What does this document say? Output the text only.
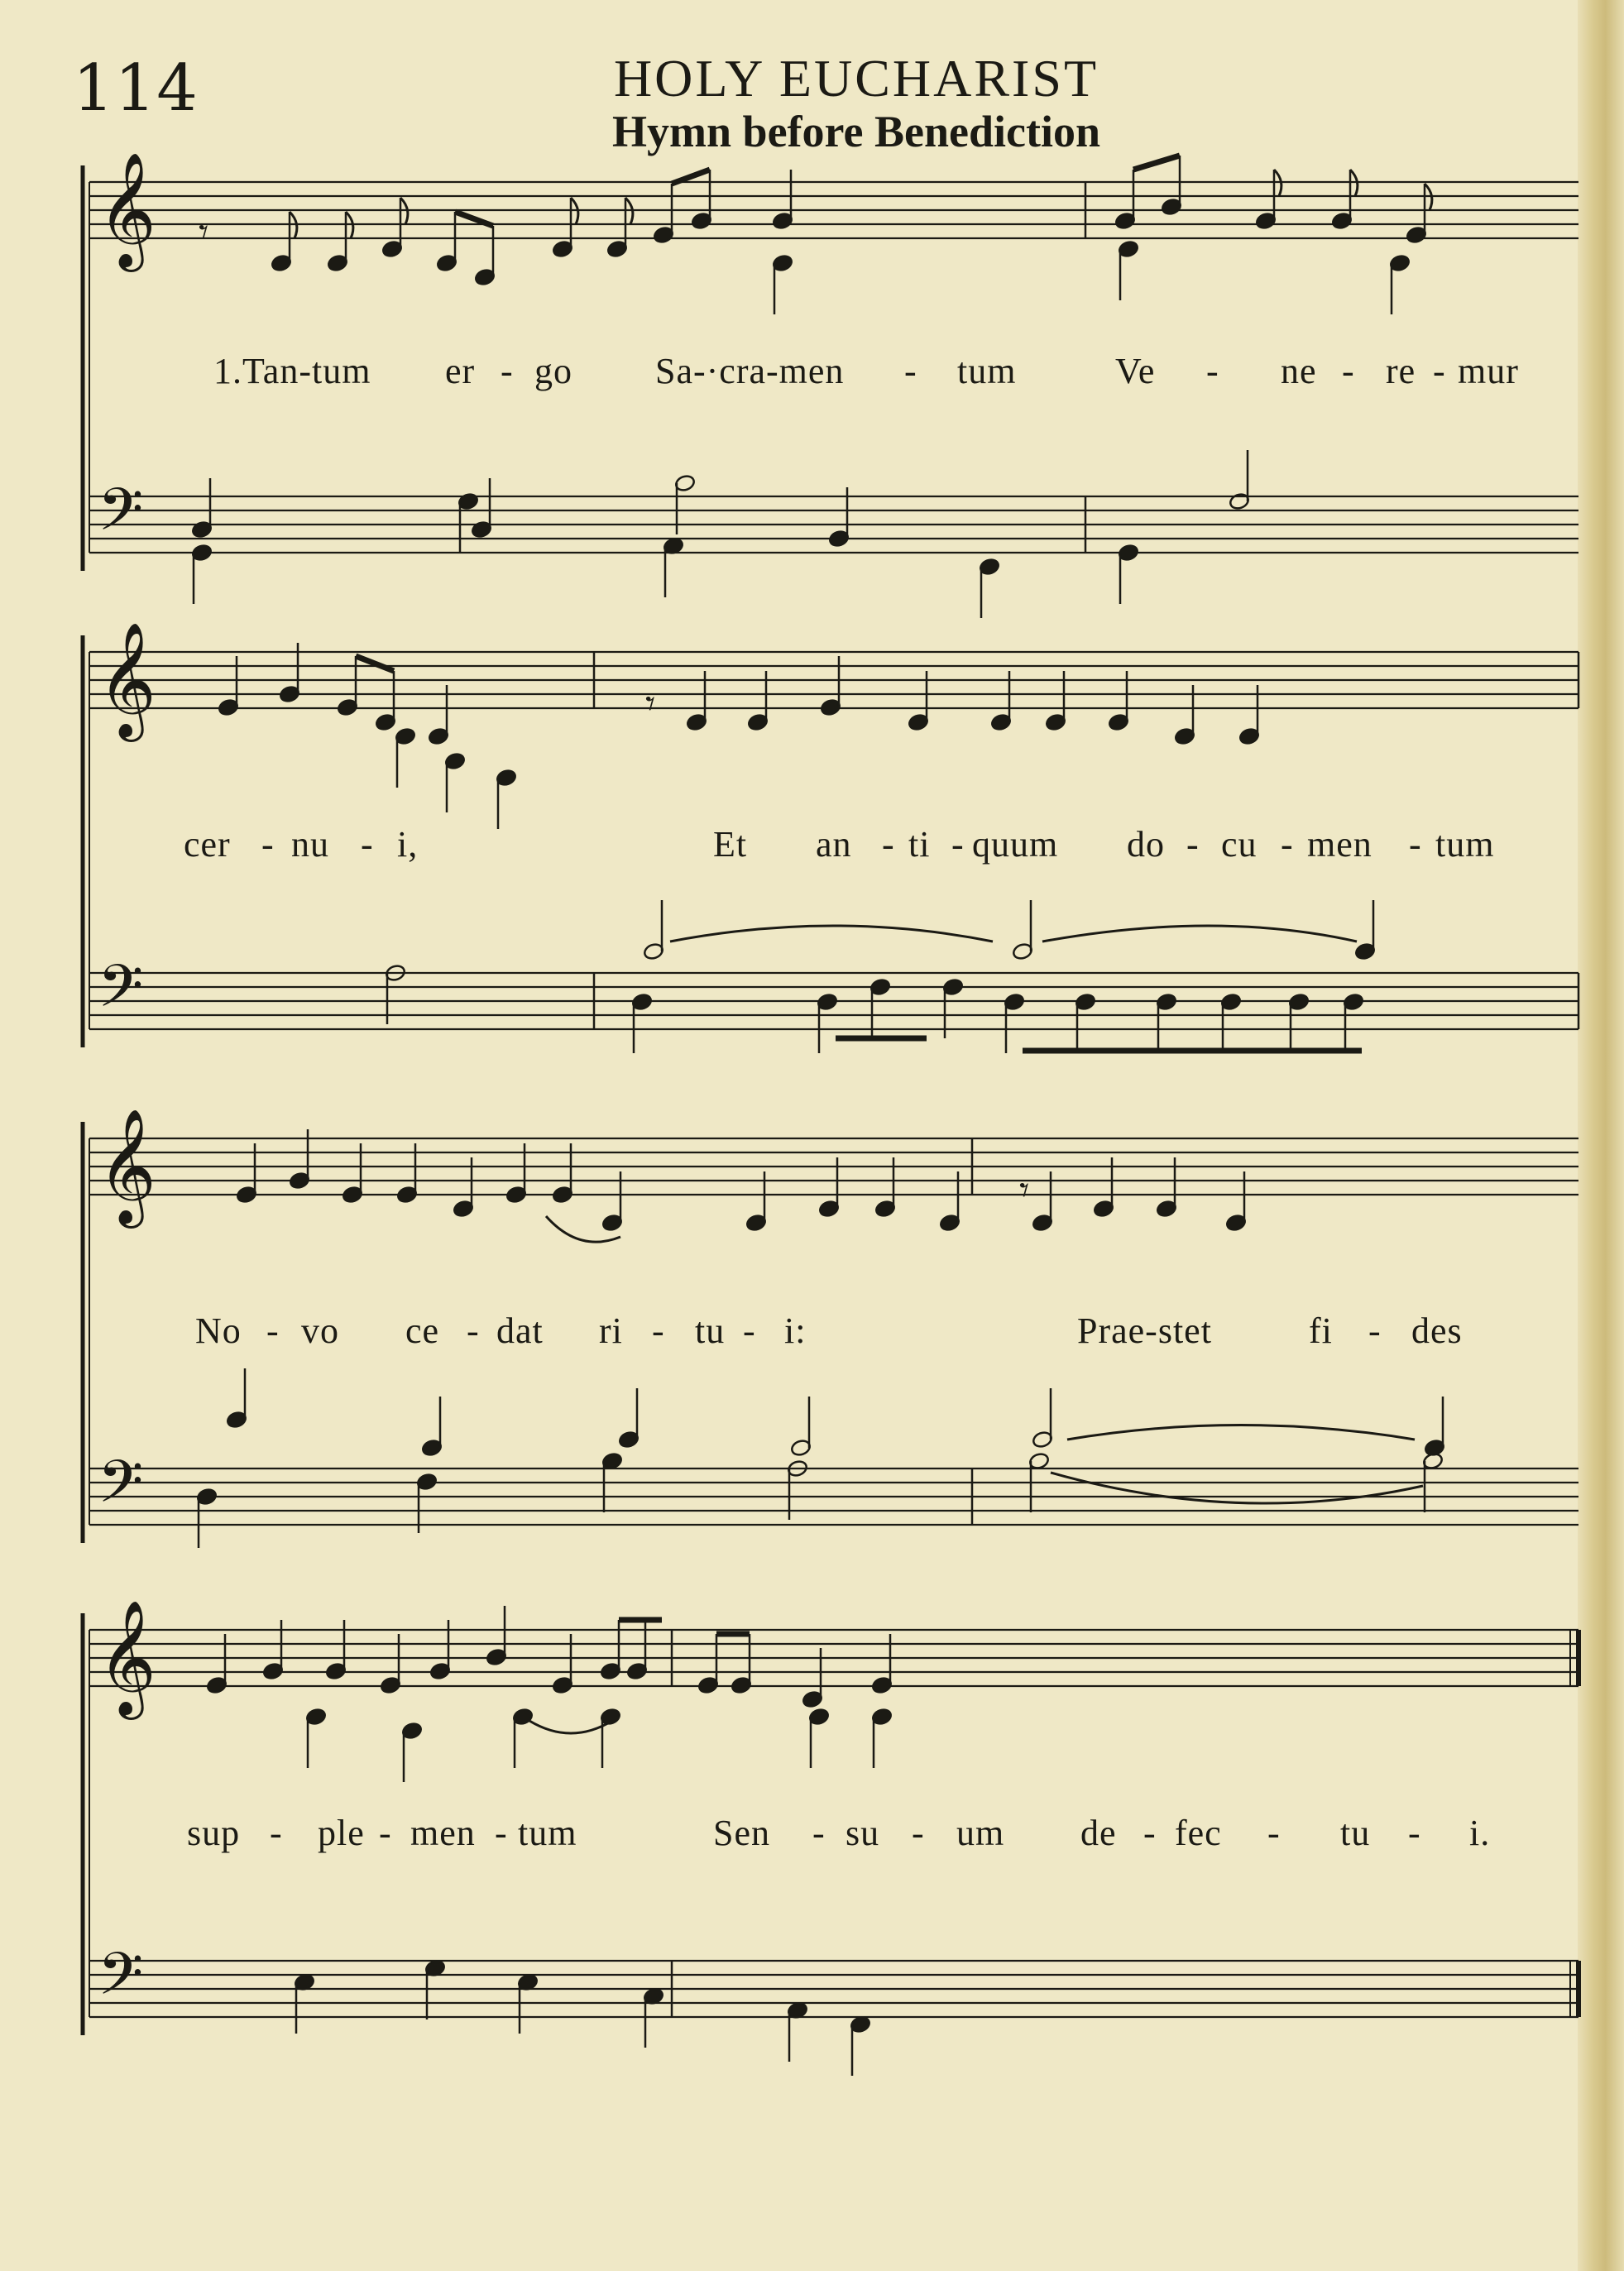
114	HOLY EUCHARIST
Hymn before Benediction
𝄞
𝄢
𝄞
𝄢
𝄞
𝄢
𝄞
𝄢
𝄾
𝄾
𝄾
1.Tan-tum er - go Sa-·cra-men - tum	Ve - ne - re - mur
cer - nu - i,	Et an - ti - quum do - cu - men - tum
No - vo ce - dat ri - tu - i:	Prae-stet	fi - des
sup - ple - men - tum	Sen - su - um de - fec - tu - i.
